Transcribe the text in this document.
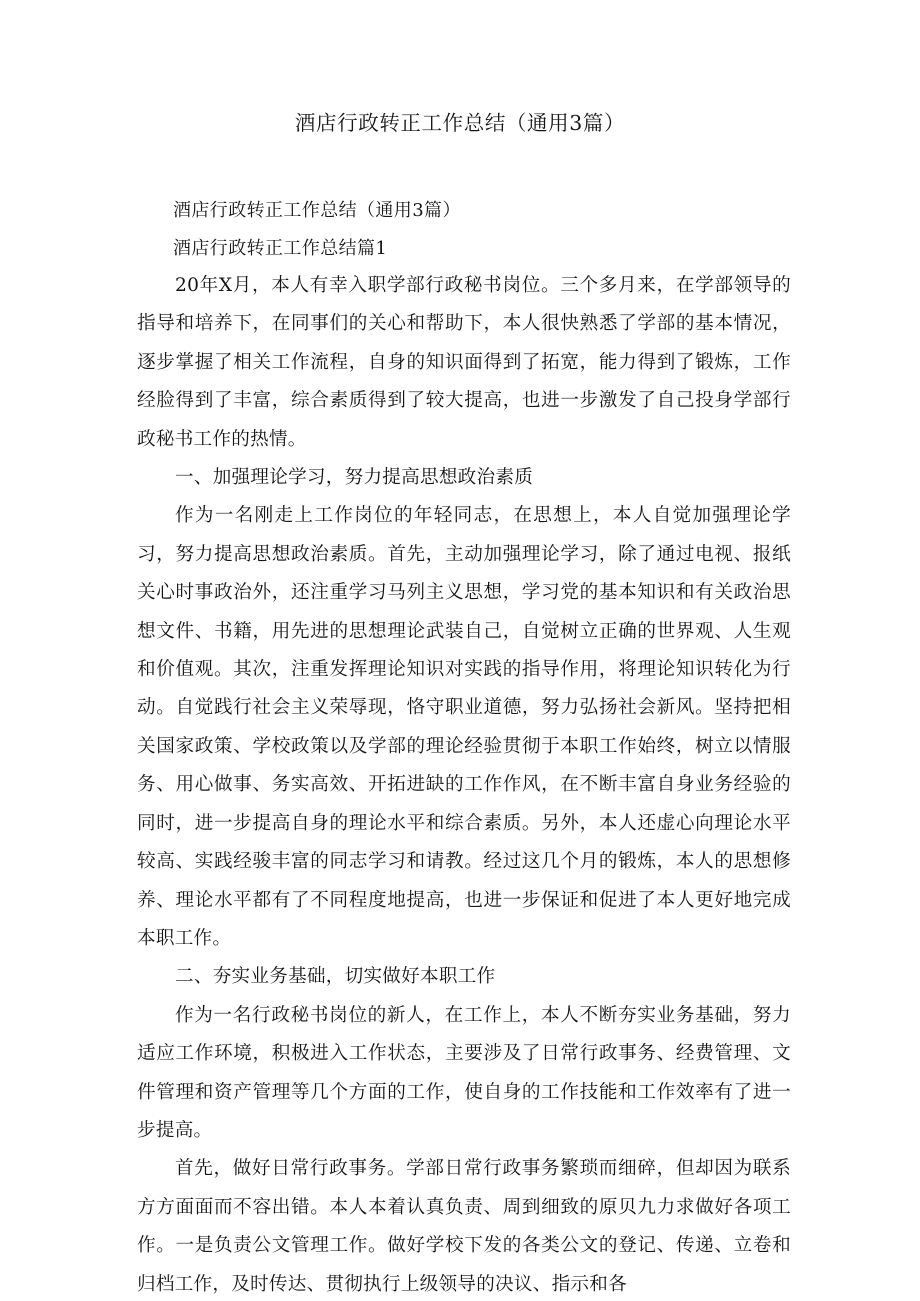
酒店行政转正工作总结（通用3篇）
酒店行政转正工作总结（通用3篇）
酒店行政转正工作总结篇1

20年X月，本人有幸入职学部行政秘书岗位。三个多月来，在学部领导的指导和培养下，在同事们的关心和帮助下，本人很快熟悉了学部的基本情况，逐步掌握了相关工作流程，自身的知识面得到了拓宽，能力得到了锻炼，工作经脸得到了丰富，综合素质得到了较大提高，也进一步激发了自己投身学部行政秘书工作的热情。

一、加强理论学习，努力提高思想政治素质

作为一名刚走上工作岗位的年轻同志，在思想上，本人自觉加强理论学习，努力提高思想政治素质。首先，主动加强理论学习，除了通过电视、报纸关心时事政治外，还注重学习马列主义思想，学习党的基本知识和有关政治思想文件、书籍，用先进的思想理论武装自己，自觉树立正确的世界观、人生观和价值观。其次，注重发挥理论知识对实践的指导作用，将理论知识转化为行动。自觉践行社会主义荣辱现，恪守职业道德，努力弘扬社会新风。坚持把相关国家政策、学校政策以及学部的理论经验贯彻于本职工作始终，树立以情服务、用心做事、务实高效、开拓进缺的工作作风，在不断丰富自身业务经验的同时，进一步提高自身的理论水平和综合素质。另外，本人还虚心向理论水平较高、实践经骏丰富的同志学习和请教。经过这几个月的锻炼，本人的思想修养、理论水平都有了不同程度地提高，也进一步保证和促进了本人更好地完成本职工作。

二、夯实业务基础，切实做好本职工作

作为一名行政秘书岗位的新人，在工作上，本人不断夯实业务基础，努力适应工作环境，积极进入工作状态，主要涉及了日常行政事务、经费管理、文件管理和资产管理等几个方面的工作，使自身的工作技能和工作效率有了进一步提高。

首先，做好日常行政事务。学部日常行政事务繁琐而细碎，但却因为联系方方面面而不容出错。本人本着认真负责、周到细致的原贝九力求做好各项工作。一是负责公文管理工作。做好学校下发的各类公文的登记、传递、立卷和归档工作，及时传达、贯彻执行上级领导的决议、指示和各
